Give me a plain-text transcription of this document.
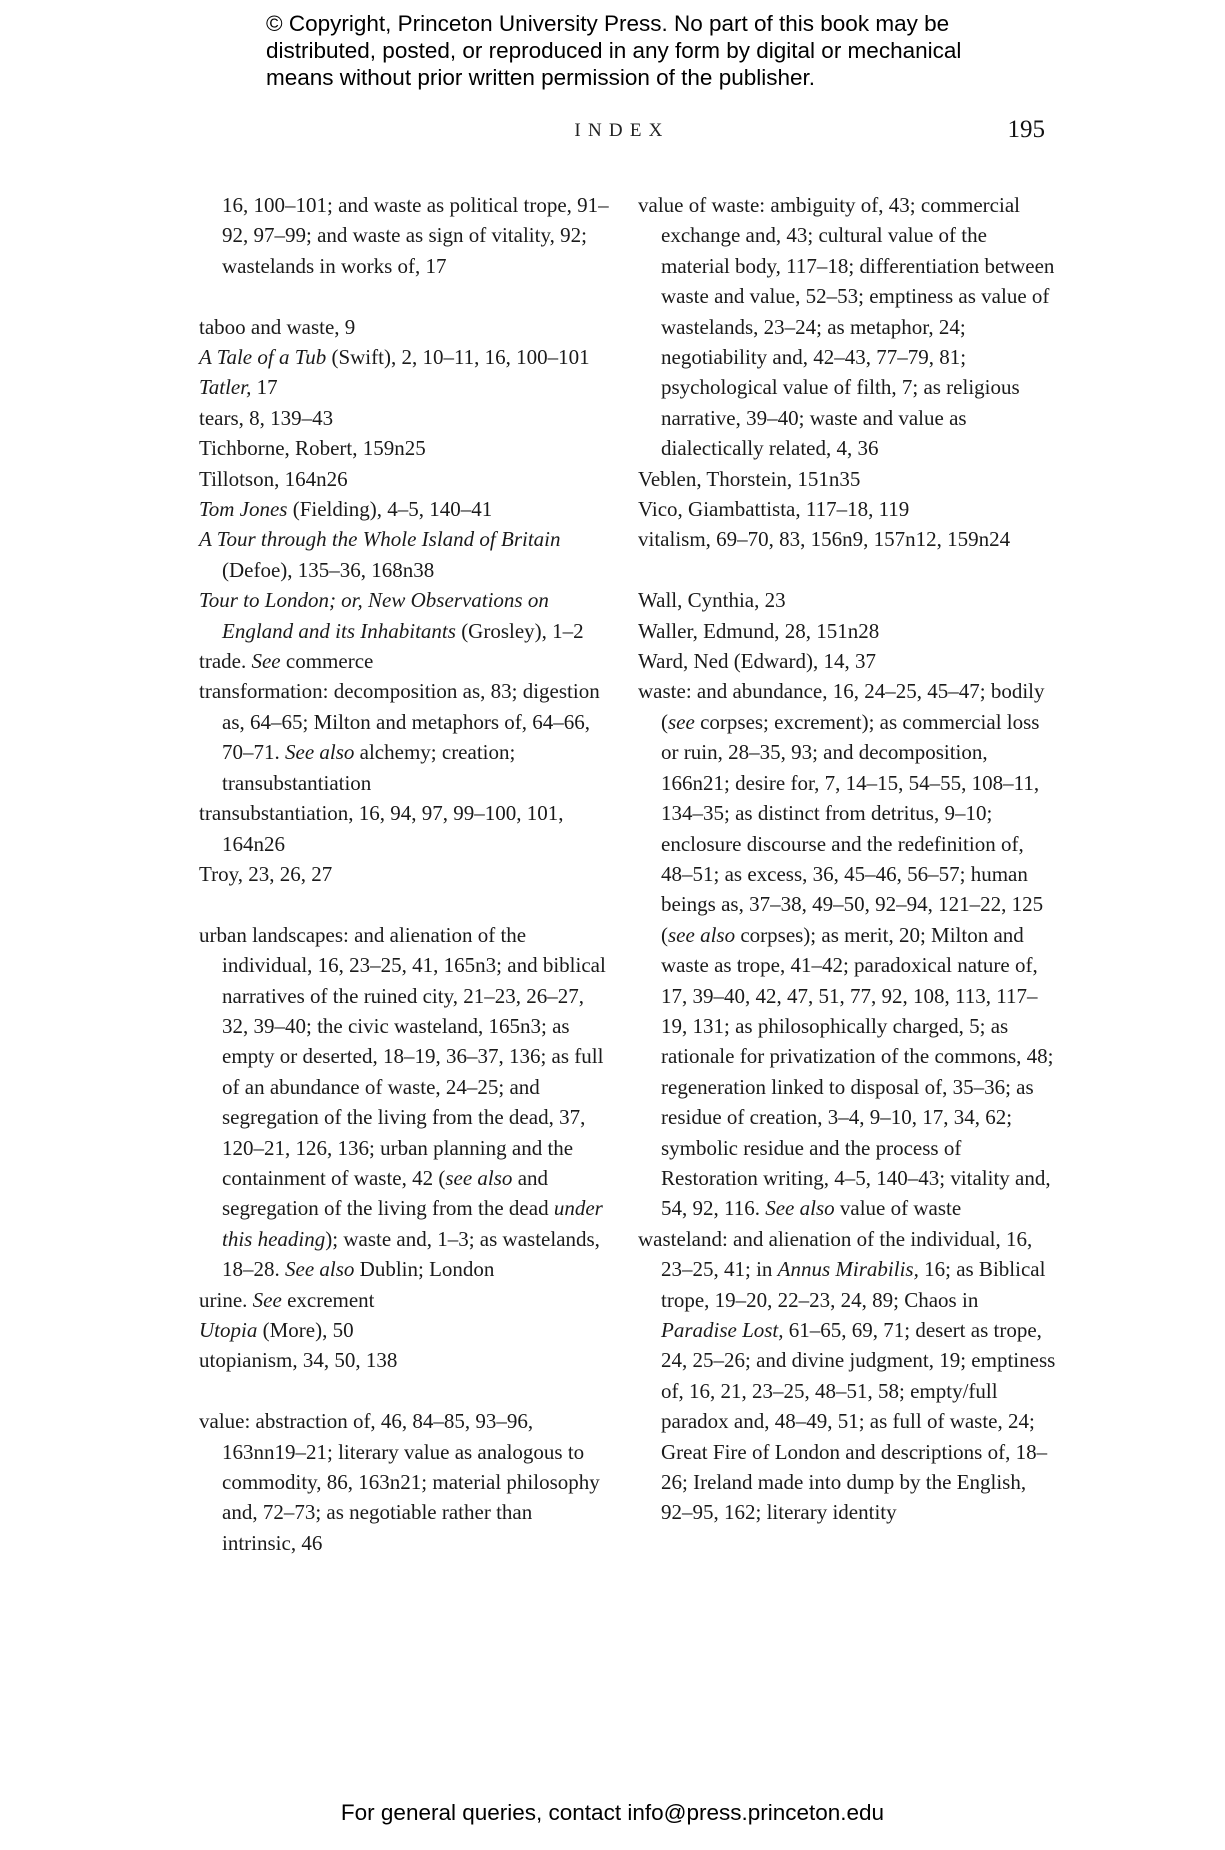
© Copyright, Princeton University Press. No part of this book may be
distributed, posted, or reproduced in any form by digital or mechanical
means without prior written permission of the publisher.
INDEX	195
16, 100–101; and waste as political trope, 91–92, 97–99; and waste as sign of vitality, 92; wastelands in works of, 17
taboo and waste, 9
A Tale of a Tub (Swift), 2, 10–11, 16, 100–101
Tatler, 17
tears, 8, 139–43
Tichborne, Robert, 159n25
Tillotson, 164n26
Tom Jones (Fielding), 4–5, 140–41
A Tour through the Whole Island of Britain (Defoe), 135–36, 168n38
Tour to London; or, New Observations on England and its Inhabitants (Grosley), 1–2
trade. See commerce
transformation: decomposition as, 83; digestion as, 64–65; Milton and metaphors of, 64–66, 70–71. See also alchemy; creation; transubstantiation
transubstantiation, 16, 94, 97, 99–100, 101, 164n26
Troy, 23, 26, 27
urban landscapes: and alienation of the individual, 16, 23–25, 41, 165n3; and biblical narratives of the ruined city, 21–23, 26–27, 32, 39–40; the civic wasteland, 165n3; as empty or deserted, 18–19, 36–37, 136; as full of an abundance of waste, 24–25; and segregation of the living from the dead, 37, 120–21, 126, 136; urban planning and the containment of waste, 42 (see also and segregation of the living from the dead under this heading); waste and, 1–3; as wastelands, 18–28. See also Dublin; London
urine. See excrement
Utopia (More), 50
utopianism, 34, 50, 138
value: abstraction of, 46, 84–85, 93–96, 163nn19–21; literary value as analogous to commodity, 86, 163n21; material philosophy and, 72–73; as negotiable rather than intrinsic, 46
value of waste: ambiguity of, 43; commercial exchange and, 43; cultural value of the material body, 117–18; differentiation between waste and value, 52–53; emptiness as value of wastelands, 23–24; as metaphor, 24; negotiability and, 42–43, 77–79, 81; psychological value of filth, 7; as religious narrative, 39–40; waste and value as dialectically related, 4, 36
Veblen, Thorstein, 151n35
Vico, Giambattista, 117–18, 119
vitalism, 69–70, 83, 156n9, 157n12, 159n24
Wall, Cynthia, 23
Waller, Edmund, 28, 151n28
Ward, Ned (Edward), 14, 37
waste: and abundance, 16, 24–25, 45–47; bodily (see corpses; excrement); as commercial loss or ruin, 28–35, 93; and decomposition, 166n21; desire for, 7, 14–15, 54–55, 108–11, 134–35; as distinct from detritus, 9–10; enclosure discourse and the redefinition of, 48–51; as excess, 36, 45–46, 56–57; human beings as, 37–38, 49–50, 92–94, 121–22, 125 (see also corpses); as merit, 20; Milton and waste as trope, 41–42; paradoxical nature of, 17, 39–40, 42, 47, 51, 77, 92, 108, 113, 117–19, 131; as philosophically charged, 5; as rationale for privatization of the commons, 48; regeneration linked to disposal of, 35–36; as residue of creation, 3–4, 9–10, 17, 34, 62; symbolic residue and the process of Restoration writing, 4–5, 140–43; vitality and, 54, 92, 116. See also value of waste
wasteland: and alienation of the individual, 16, 23–25, 41; in Annus Mirabilis, 16; as Biblical trope, 19–20, 22–23, 24, 89; Chaos in Paradise Lost, 61–65, 69, 71; desert as trope, 24, 25–26; and divine judgment, 19; emptiness of, 16, 21, 23–25, 48–51, 58; empty/full paradox and, 48–49, 51; as full of waste, 24; Great Fire of London and descriptions of, 18–26; Ireland made into dump by the English, 92–95, 162; literary identity
For general queries, contact info@press.princeton.edu
